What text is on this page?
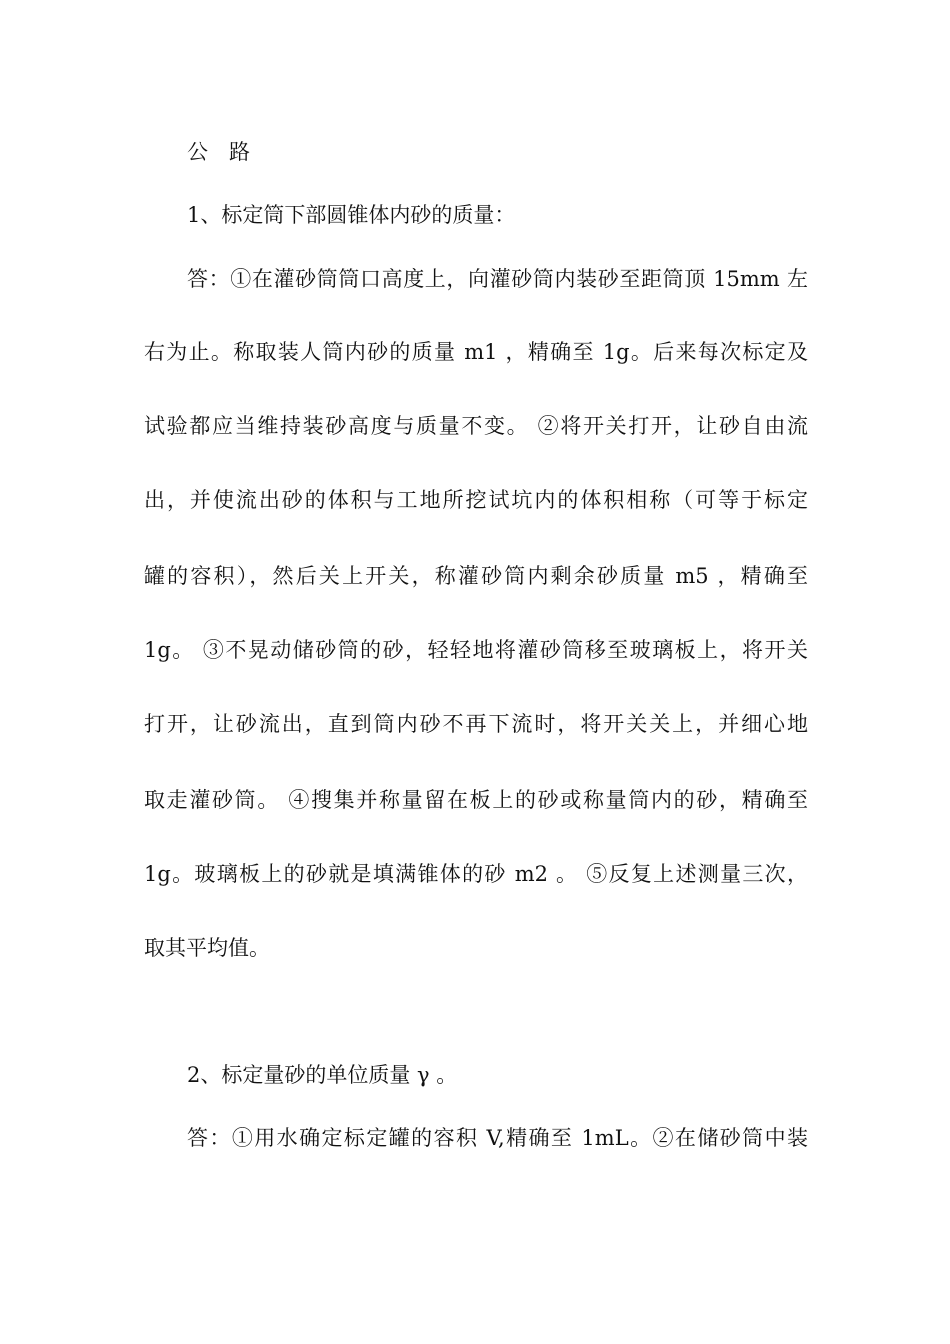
公　路
1、标定筒下部圆锥体内砂的质量：
答：①在灌砂筒筒口高度上，向灌砂筒内装砂至距筒顶 15mm 左
右为止。称取装人筒内砂的质量 m1 ，精确至 1g。后来每次标定及
试验都应当维持装砂高度与质量不变。 ②将开关打开，让砂自由流
出，并使流出砂的体积与工地所挖试坑内的体积相称（可等于标定
罐的容积），然后关上开关，称灌砂筒内剩余砂质量 m5 ，精确至
1g。 ③不晃动储砂筒的砂，轻轻地将灌砂筒移至玻璃板上，将开关
打开，让砂流出，直到筒内砂不再下流时，将开关关上，并细心地
取走灌砂筒。 ④搜集并称量留在板上的砂或称量筒内的砂，精确至
1g。玻璃板上的砂就是填满锥体的砂 m2 。 ⑤反复上述测量三次，
取其平均值。
2、标定量砂的单位质量 γ 。
答：①用水确定标定罐的容积 V,精确至 1mL。②在储砂筒中装
